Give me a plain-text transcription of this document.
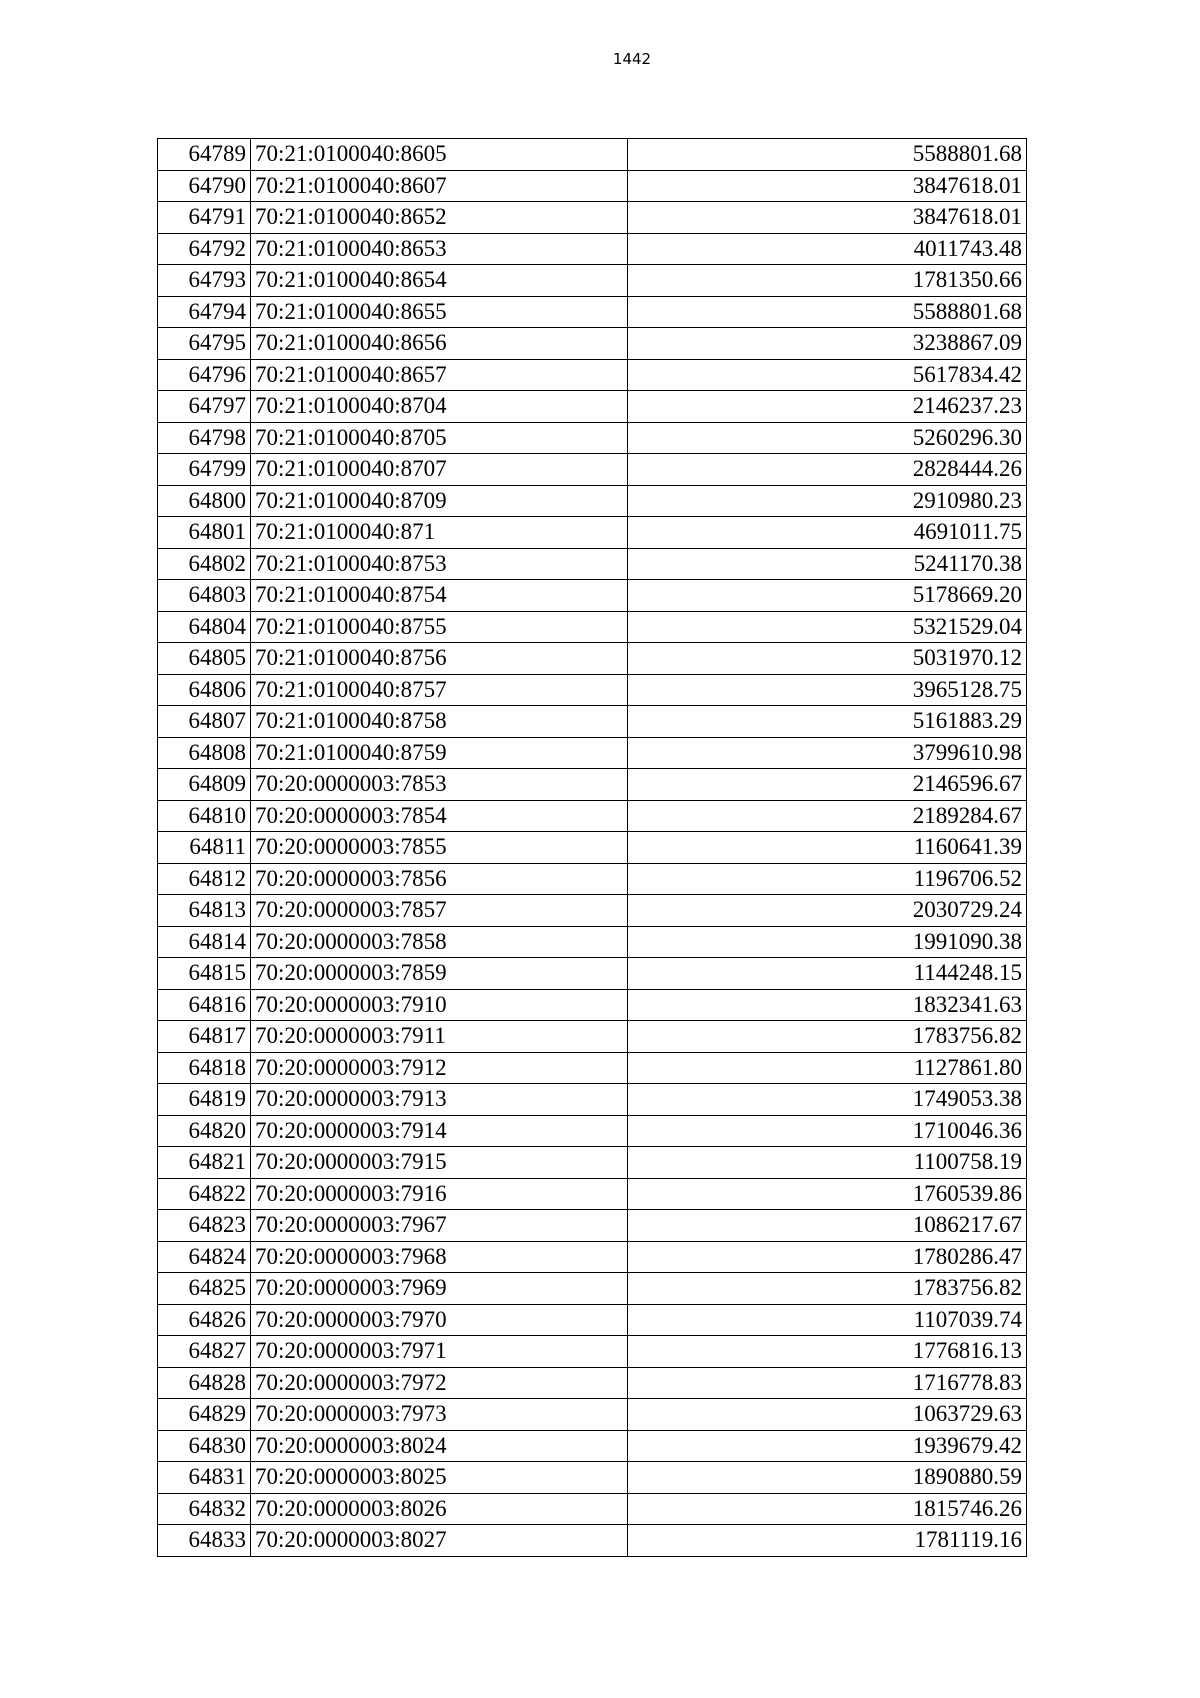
1442
64789	70:21:0100040:8605	5588801.68
64790	70:21:0100040:8607	3847618.01
64791	70:21:0100040:8652	3847618.01
64792	70:21:0100040:8653	4011743.48
64793	70:21:0100040:8654	1781350.66
64794	70:21:0100040:8655	5588801.68
64795	70:21:0100040:8656	3238867.09
64796	70:21:0100040:8657	5617834.42
64797	70:21:0100040:8704	2146237.23
64798	70:21:0100040:8705	5260296.30
64799	70:21:0100040:8707	2828444.26
64800	70:21:0100040:8709	2910980.23
64801	70:21:0100040:871	4691011.75
64802	70:21:0100040:8753	5241170.38
64803	70:21:0100040:8754	5178669.20
64804	70:21:0100040:8755	5321529.04
64805	70:21:0100040:8756	5031970.12
64806	70:21:0100040:8757	3965128.75
64807	70:21:0100040:8758	5161883.29
64808	70:21:0100040:8759	3799610.98
64809	70:20:0000003:7853	2146596.67
64810	70:20:0000003:7854	2189284.67
64811	70:20:0000003:7855	1160641.39
64812	70:20:0000003:7856	1196706.52
64813	70:20:0000003:7857	2030729.24
64814	70:20:0000003:7858	1991090.38
64815	70:20:0000003:7859	1144248.15
64816	70:20:0000003:7910	1832341.63
64817	70:20:0000003:7911	1783756.82
64818	70:20:0000003:7912	1127861.80
64819	70:20:0000003:7913	1749053.38
64820	70:20:0000003:7914	1710046.36
64821	70:20:0000003:7915	1100758.19
64822	70:20:0000003:7916	1760539.86
64823	70:20:0000003:7967	1086217.67
64824	70:20:0000003:7968	1780286.47
64825	70:20:0000003:7969	1783756.82
64826	70:20:0000003:7970	1107039.74
64827	70:20:0000003:7971	1776816.13
64828	70:20:0000003:7972	1716778.83
64829	70:20:0000003:7973	1063729.63
64830	70:20:0000003:8024	1939679.42
64831	70:20:0000003:8025	1890880.59
64832	70:20:0000003:8026	1815746.26
64833	70:20:0000003:8027	1781119.16
